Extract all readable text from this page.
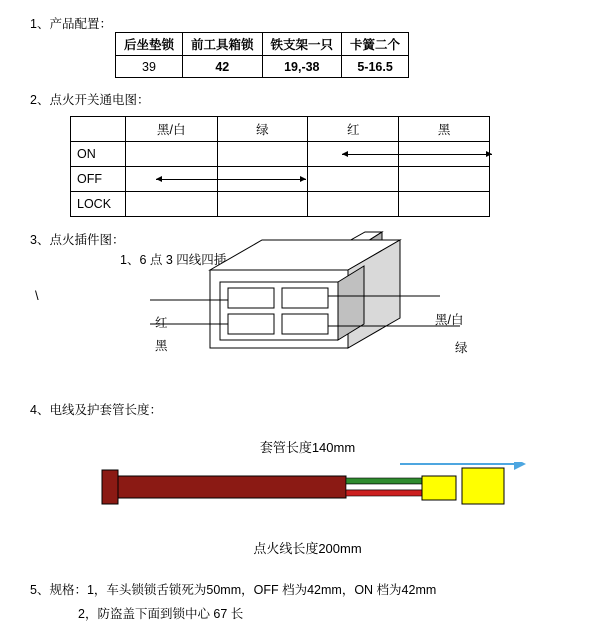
1、产品配置：
后坐垫锁	前工具箱锁	铁支架一只	卡簧二个
39	42	19,-38	5-16.5
2、点火开关通电图：
	黑/白	绿	红	黑
ON			

OFF	

LOCK				
3、点火插件图：
1、6 点 3 四线四插
\
红
黑
黑/白
绿
4、电线及护套管长度：
套管长度140mm
点火线长度200mm
5、规格：1，车头锁锁舌锁死为50mm，OFF 档为42mm，ON 档为42mm
2，防盗盖下面到锁中心 67 长
